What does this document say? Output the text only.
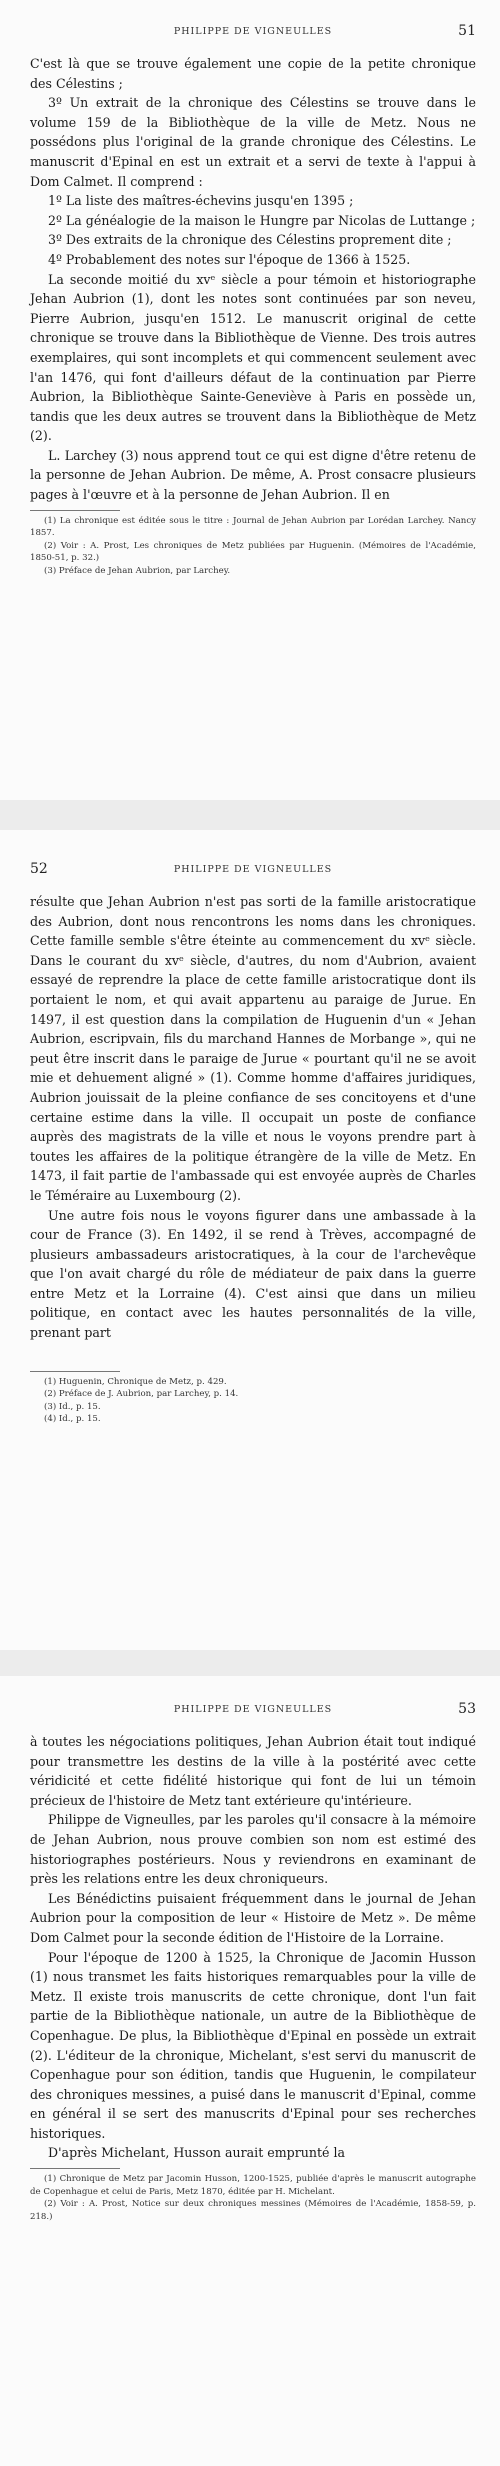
PHILIPPE DE VIGNEULLES	51

C'est là que se trouve également une copie de la petite chronique des Célestins ;

3º Un extrait de la chronique des Célestins se trouve dans le volume 159 de la Bibliothèque de la ville de Metz. Nous ne possédons plus l'original de la grande chronique des Célestins. Le manuscrit d'Epinal en est un extrait et a servi de texte à l'appui à Dom Calmet. Il comprend :

1º La liste des maîtres-échevins jusqu'en 1395 ;

2º La généalogie de la maison le Hungre par Nicolas de Luttange ;

3º Des extraits de la chronique des Célestins proprement dite ;

4º Probablement des notes sur l'époque de 1366 à 1525.

La seconde moitié du xvᵉ siècle a pour témoin et historiographe Jehan Aubrion (1), dont les notes sont continuées par son neveu, Pierre Aubrion, jusqu'en 1512. Le manuscrit original de cette chronique se trouve dans la Bibliothèque de Vienne. Des trois autres exemplaires, qui sont incomplets et qui commencent seulement avec l'an 1476, qui font d'ailleurs défaut de la continuation par Pierre Aubrion, la Bibliothèque Sainte-Geneviève à Paris en possède un, tandis que les deux autres se trouvent dans la Bibliothèque de Metz (2).

L. Larchey (3) nous apprend tout ce qui est digne d'être retenu de la personne de Jehan Aubrion. De même, A. Prost consacre plusieurs pages à l'œuvre et à la personne de Jehan Aubrion. Il en

(1) La chronique est éditée sous le titre : Journal de Jehan Aubrion par Lorédan Larchey. Nancy 1857.

(2) Voir : A. Prost, Les chroniques de Metz publiées par Huguenin. (Mémoires de l'Académie, 1850-51, p. 32.)

(3) Préface de Jehan Aubrion, par Larchey.

52	PHILIPPE DE VIGNEULLES

résulte que Jehan Aubrion n'est pas sorti de la famille aristocratique des Aubrion, dont nous rencontrons les noms dans les chroniques. Cette famille semble s'être éteinte au commencement du xvᵉ siècle. Dans le courant du xvᵉ siècle, d'autres, du nom d'Aubrion, avaient essayé de reprendre la place de cette famille aristocratique dont ils portaient le nom, et qui avait appartenu au paraige de Jurue. En 1497, il est question dans la compilation de Huguenin d'un « Jehan Aubrion, escripvain, fils du marchand Hannes de Morbange », qui ne peut être inscrit dans le paraige de Jurue « pourtant qu'il ne se avoit mie et dehuement aligné » (1). Comme homme d'affaires juridiques, Aubrion jouissait de la pleine confiance de ses concitoyens et d'une certaine estime dans la ville. Il occupait un poste de confiance auprès des magistrats de la ville et nous le voyons prendre part à toutes les affaires de la politique étrangère de la ville de Metz. En 1473, il fait partie de l'ambassade qui est envoyée auprès de Charles le Téméraire au Luxembourg (2).

Une autre fois nous le voyons figurer dans une ambassade à la cour de France (3). En 1492, il se rend à Trèves, accompagné de plusieurs ambassadeurs aristocratiques, à la cour de l'archevêque que l'on avait chargé du rôle de médiateur de paix dans la guerre entre Metz et la Lorraine (4). C'est ainsi que dans un milieu politique, en contact avec les hautes personnalités de la ville, prenant part

(1) Huguenin, Chronique de Metz, p. 429.

(2) Préface de J. Aubrion, par Larchey, p. 14.

(3) Id., p. 15.

(4) Id., p. 15.

PHILIPPE DE VIGNEULLES	53

à toutes les négociations politiques, Jehan Aubrion était tout indiqué pour transmettre les destins de la ville à la postérité avec cette véridicité et cette fidélité historique qui font de lui un témoin précieux de l'histoire de Metz tant extérieure qu'intérieure.

Philippe de Vigneulles, par les paroles qu'il consacre à la mémoire de Jehan Aubrion, nous prouve combien son nom est estimé des historiographes postérieurs. Nous y reviendrons en examinant de près les relations entre les deux chroniqueurs.

Les Bénédictins puisaient fréquemment dans le journal de Jehan Aubrion pour la composition de leur « Histoire de Metz ». De même Dom Calmet pour la seconde édition de l'Histoire de la Lorraine.

Pour l'époque de 1200 à 1525, la Chronique de Jacomin Husson (1) nous transmet les faits historiques remarquables pour la ville de Metz. Il existe trois manuscrits de cette chronique, dont l'un fait partie de la Bibliothèque nationale, un autre de la Bibliothèque de Copenhague. De plus, la Bibliothèque d'Epinal en possède un extrait (2). L'éditeur de la chronique, Michelant, s'est servi du manuscrit de Copenhague pour son édition, tandis que Huguenin, le compilateur des chroniques messines, a puisé dans le manuscrit d'Epinal, comme en général il se sert des manuscrits d'Epinal pour ses recherches historiques.

D'après Michelant, Husson aurait emprunté la

(1) Chronique de Metz par Jacomin Husson, 1200-1525, publiée d'après le manuscrit autographe de Copenhague et celui de Paris, Metz 1870, éditée par H. Michelant.

(2) Voir : A. Prost, Notice sur deux chroniques messines (Mémoires de l'Académie, 1858-59, p. 218.)
